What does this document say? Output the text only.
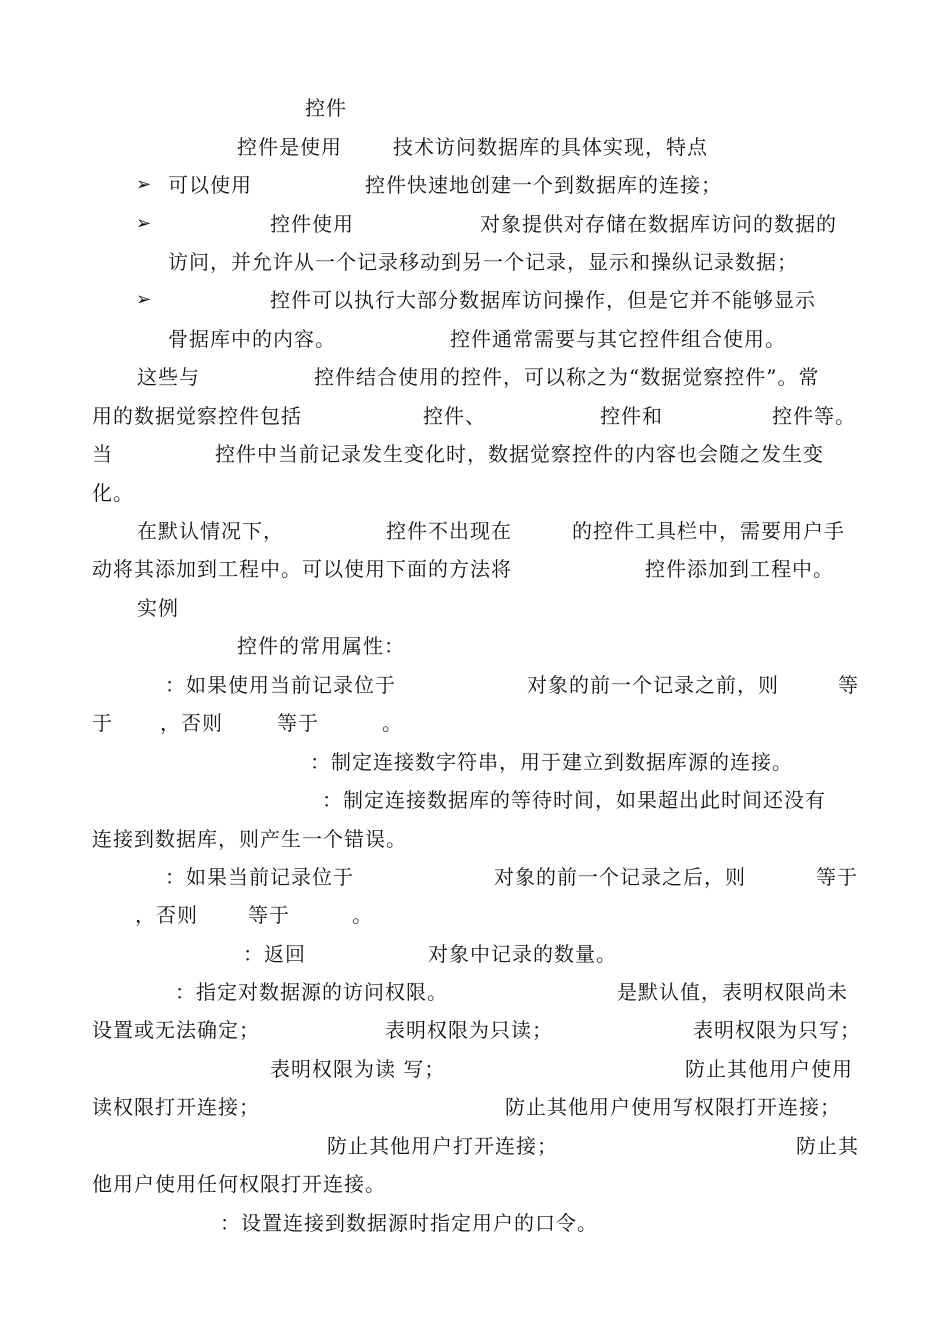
控件
控件是使用	技术访问数据库的具体实现，特点
➢ 可以使用	控件快速地创建一个到数据库的连接；
➢	控件使用	对象提供对存储在数据库访问的数据的
访问，并允许从一个记录移动到另一个记录，显示和操纵记录数据；
➢	控件可以执行大部分数据库访问操作，但是它并不能够显示
骨据库中的内容。	控件通常需要与其它控件组合使用。
这些与	控件结合使用的控件，可以称之为“数据觉察控件”。常
用的数据觉察控件包括	控件、	控件和	控件等。
当	控件中当前记录发生变化时，数据觉察控件的内容也会随之发生变
化。
在默认情况下，	控件不出现在	的控件工具栏中，需要用户手
动将其添加到工程中。可以使用下面的方法将	控件添加到工程中。
实例
控件的常用属性：
：如果使用当前记录位于	对象的前一个记录之前，则	等
于 ，否则	等于	。
：制定连接数字符串，用于建立到数据库源的连接。
：制定连接数据库的等待时间，如果超出此时间还没有
连接到数据库，则产生一个错误。
：如果当前记录位于	对象的前一个记录之后，则	等于
，否则	等于	。
：返回	对象中记录的数量。
：指定对数据源的访问权限。	是默认值，表明权限尚未
设置或无法确定；	表明权限为只读；	表明权限为只写；
表明权限为读 写；	防止其他用户使用
读权限打开连接；	防止其他用户使用写权限打开连接；
防止其他用户打开连接；	防止其
他用户使用任何权限打开连接。
：设置连接到数据源时指定用户的口令。
